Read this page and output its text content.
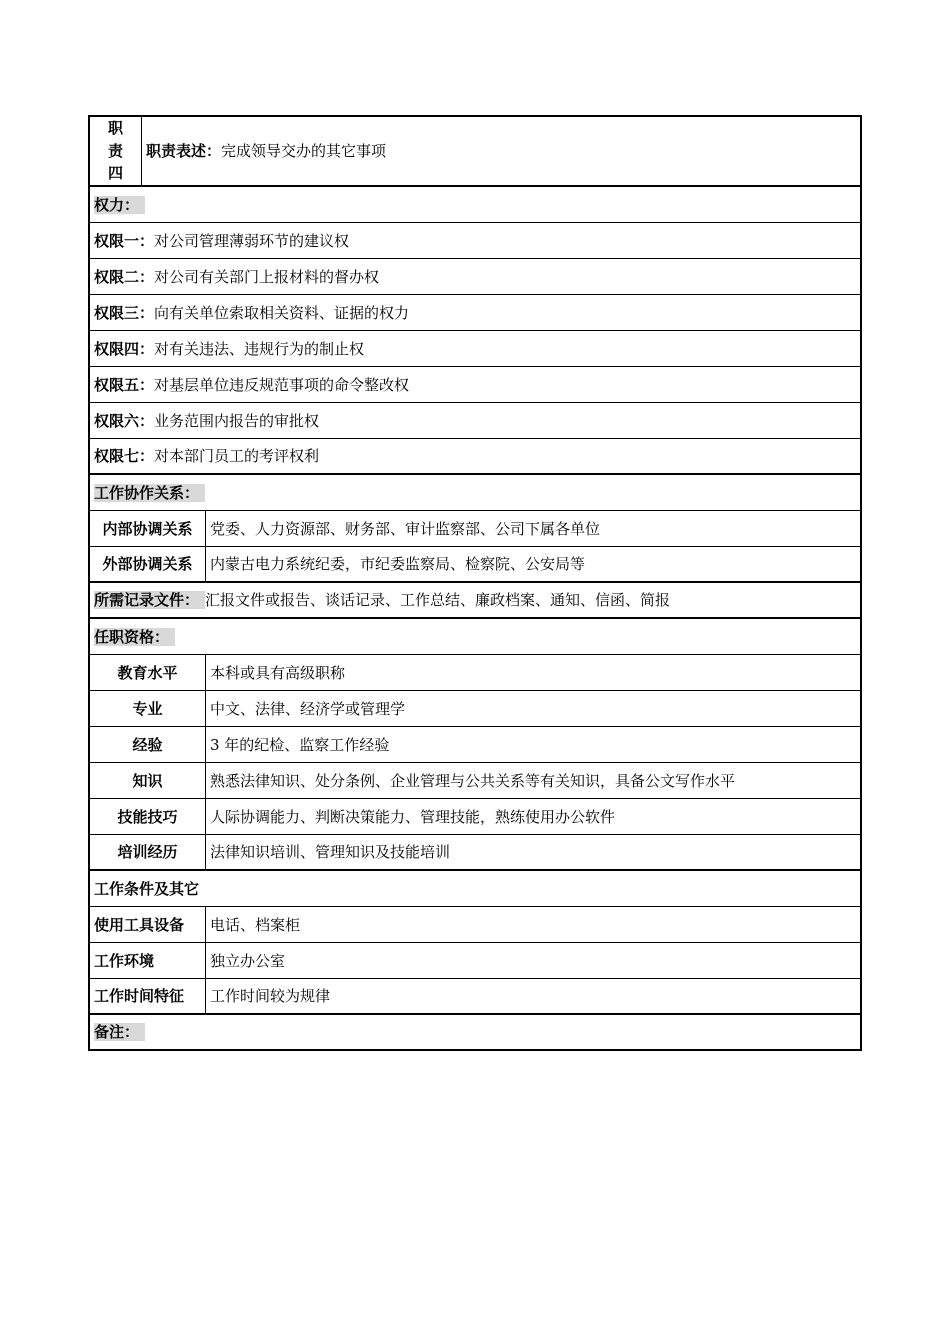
职
责
四
职责表述： 完成领导交办的其它事项
权力：
权限一： 对公司管理薄弱环节的建议权
权限二： 对公司有关部门上报材料的督办权
权限三： 向有关单位索取相关资料、证据的权力
权限四： 对有关违法、违规行为的制止权
权限五： 对基层单位违反规范事项的命令整改权
权限六： 业务范围内报告的审批权
权限七： 对本部门员工的考评权利
工作协作关系：
内部协调关系	党委、人力资源部、财务部、审计监察部、公司下属各单位
外部协调关系	内蒙古电力系统纪委，市纪委监察局、检察院、公安局等
所需记录文件： 汇报文件或报告、谈话记录、工作总结、廉政档案、通知、信函、简报
任职资格：
教育水平	本科或具有高级职称
专业	中文、法律、经济学或管理学
经验	3 年的纪检、监察工作经验
知识	熟悉法律知识、处分条例、企业管理与公共关系等有关知识，具备公文写作水平
技能技巧	人际协调能力、判断决策能力、管理技能，熟练使用办公软件
培训经历	法律知识培训、管理知识及技能培训
工作条件及其它
使用工具设备	电话、档案柜
工作环境	独立办公室
工作时间特征	工作时间较为规律
备注：
